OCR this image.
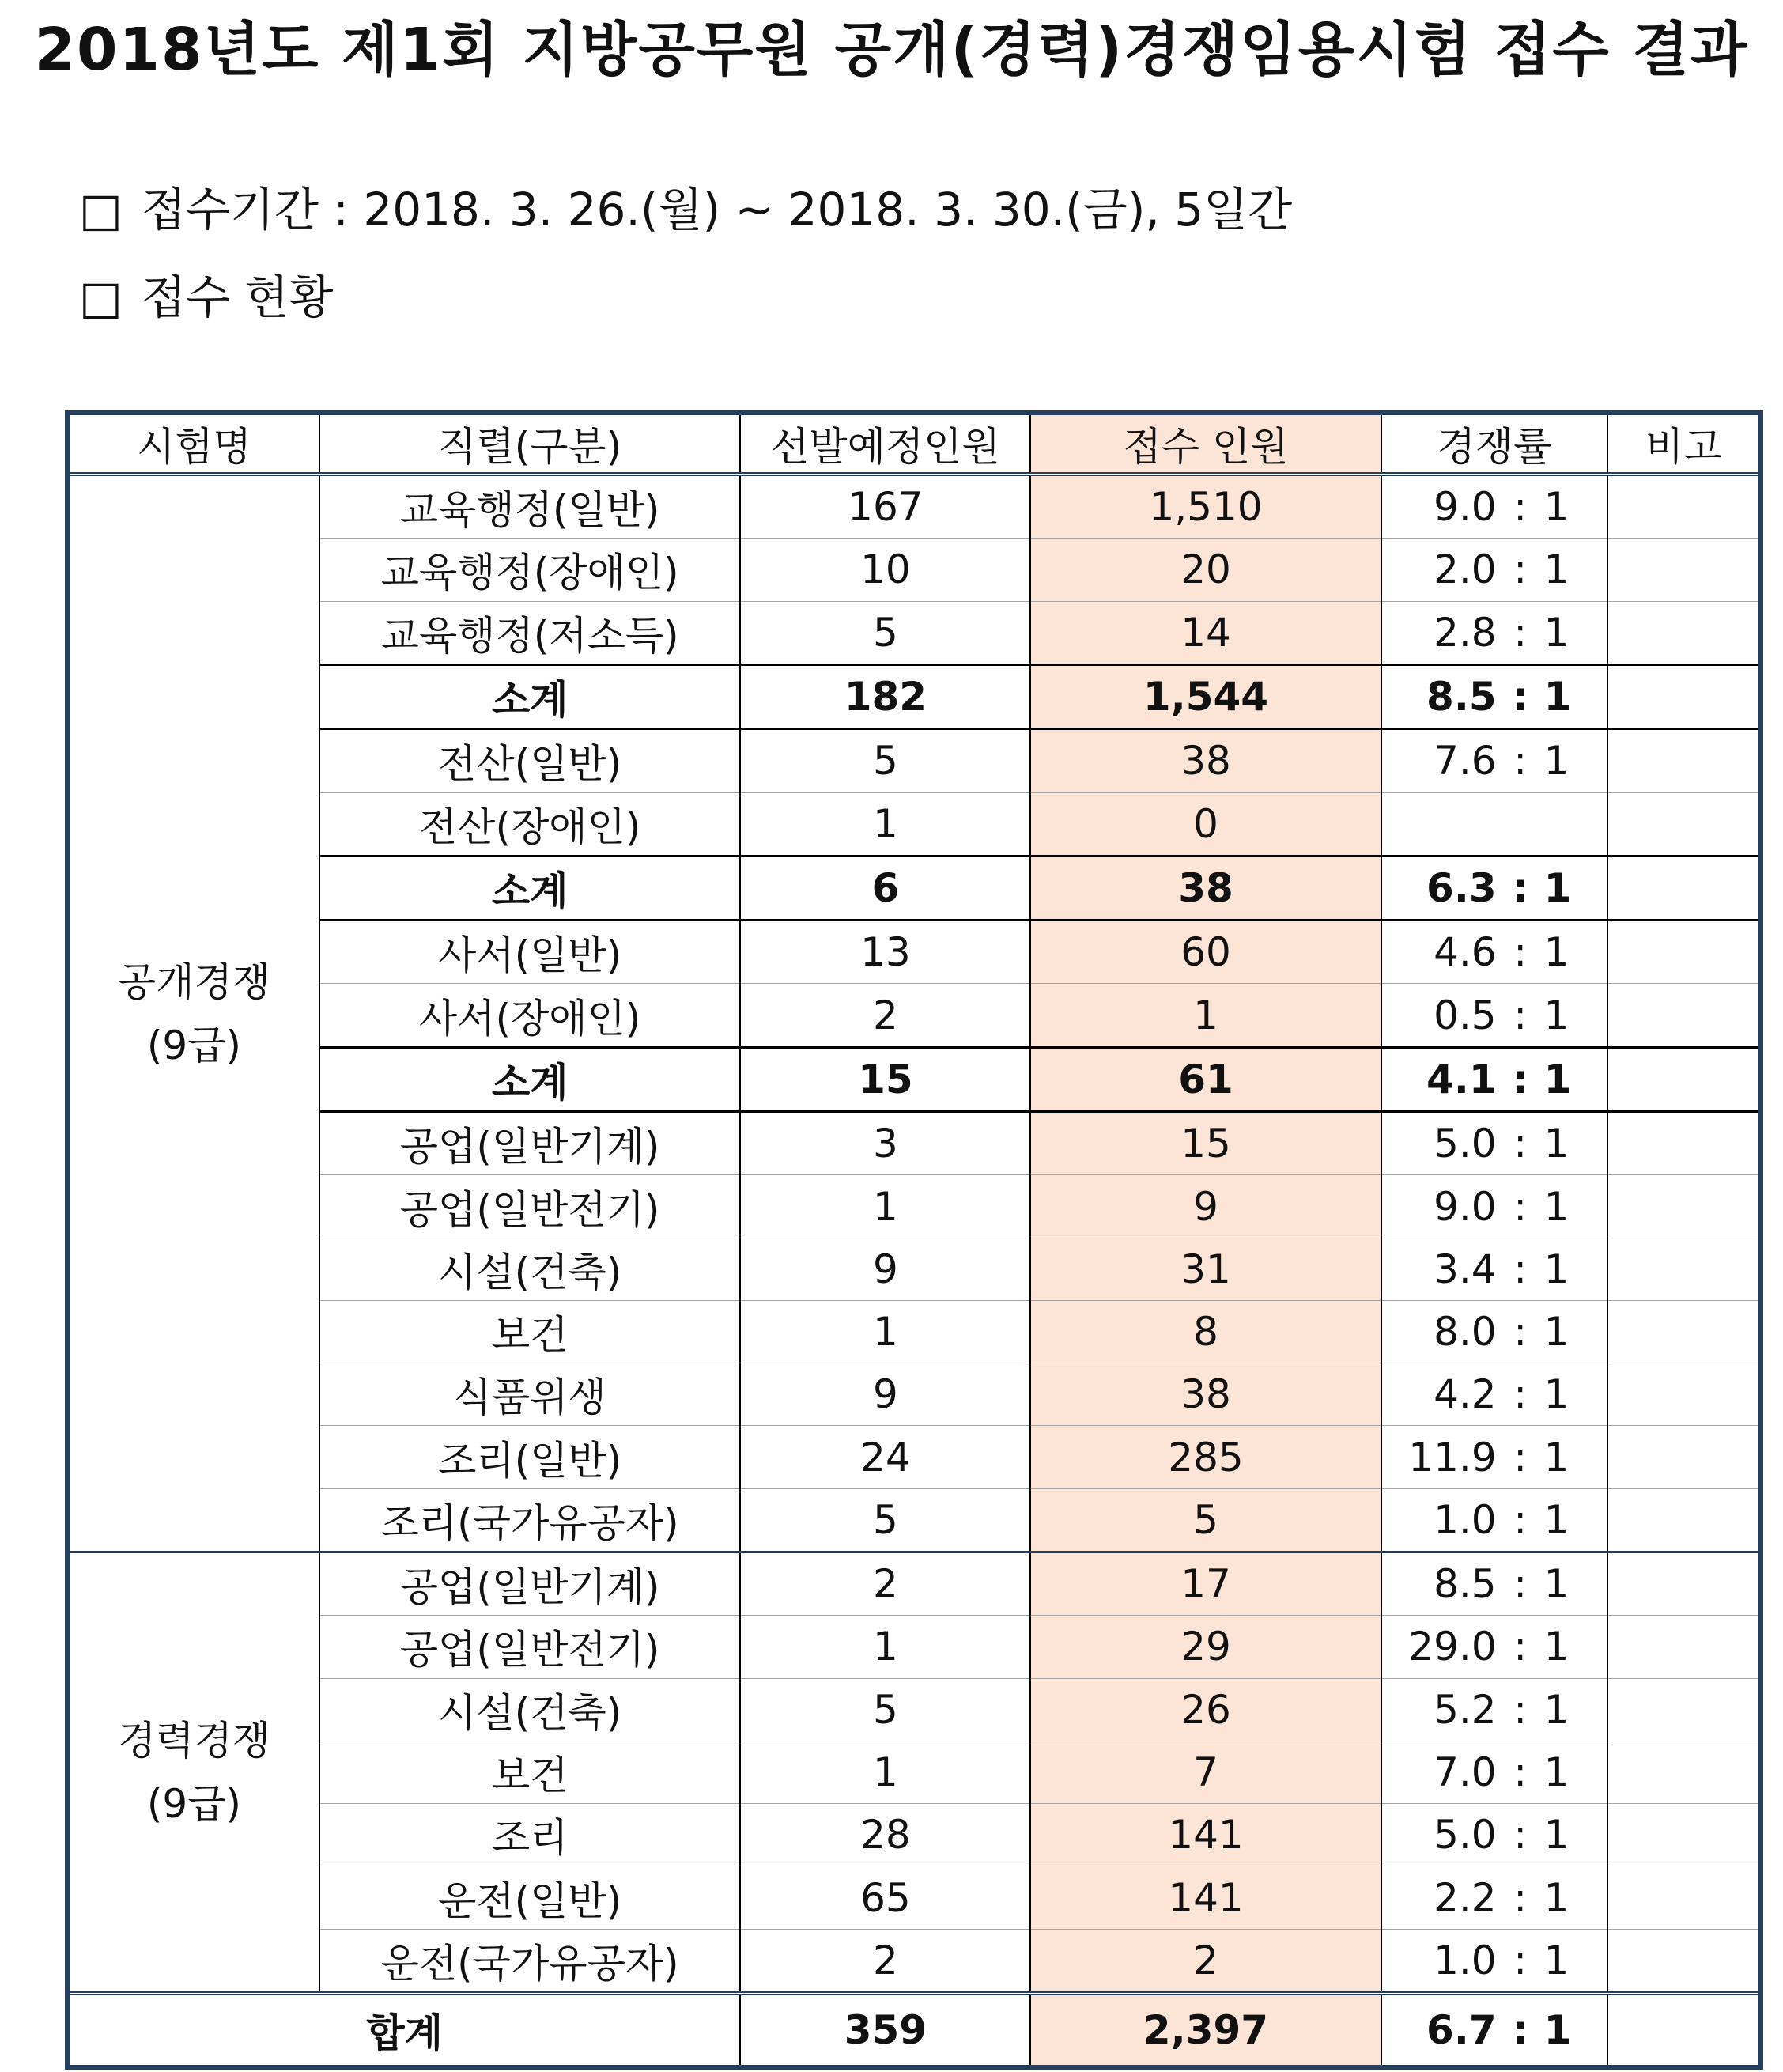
2018년도 제1회 지방공무원 공개(경력)경쟁임용시험 접수 결과
□ 접수기간 : 2018. 3. 26.(월) ~ 2018. 3. 30.(금), 5일간
□ 접수 현황
시험명	직렬(구분)	선발예정인원	접수 인원	경쟁률	비고

공개경쟁
(9급)	교육행정(일반)	167	1,510	9.0 : 1	
	교육행정(장애인)	10	20	2.0 : 1	
	교육행정(저소득)	5	14	2.8 : 1	
	소계	182	1,544	8.5 : 1	
	전산(일반)	5	38	7.6 : 1	
	전산(장애인)	1	0		
	소계	6	38	6.3 : 1	
	사서(일반)	13	60	4.6 : 1	
	사서(장애인)	2	1	0.5 : 1	
	소계	15	61	4.1 : 1	
	공업(일반기계)	3	15	5.0 : 1	
	공업(일반전기)	1	9	9.0 : 1	
	시설(건축)	9	31	3.4 : 1	
	보건	1	8	8.0 : 1	
	식품위생	9	38	4.2 : 1	
	조리(일반)	24	285	11.9 : 1	
	조리(국가유공자)	5	5	1.0 : 1	

경력경쟁
(9급)	공업(일반기계)	2	17	8.5 : 1	
	공업(일반전기)	1	29	29.0 : 1	
	시설(건축)	5	26	5.2 : 1	
	보건	1	7	7.0 : 1	
	조리	28	141	5.0 : 1	
	운전(일반)	65	141	2.2 : 1	
	운전(국가유공자)	2	2	1.0 : 1	
합계		359	2,397	6.7 : 1	
